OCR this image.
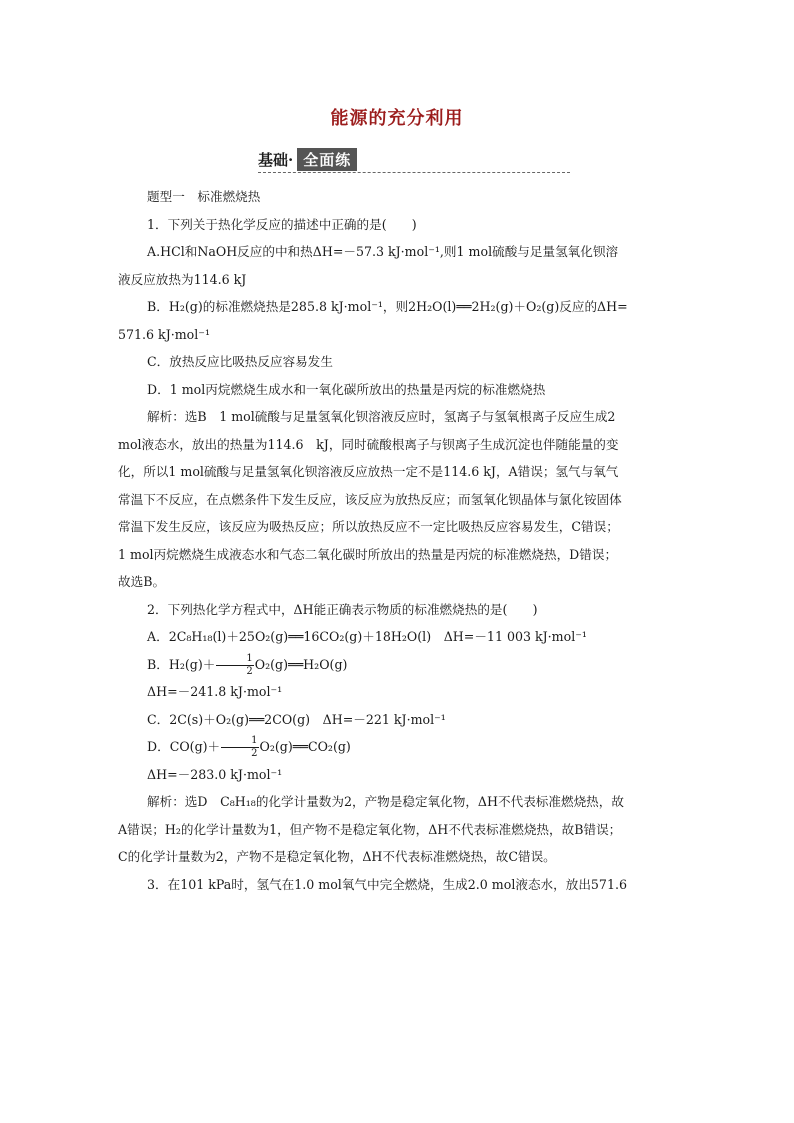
能源的充分利用
基础· 全面练

题型一　标准燃烧热

1．下列关于热化学反应的描述中正确的是(　　)

A.HCl和NaOH反应的中和热ΔH=－57.3 kJ·mol⁻¹,则1 mol硫酸与足量氢氧化钡溶

液反应放热为114.6 kJ

B．H₂(g)的标准燃烧热是285.8 kJ·mol⁻¹，则2H₂O(l)══2H₂(g)＋O₂(g)反应的ΔH=

571.6 kJ·mol⁻¹

C．放热反应比吸热反应容易发生

D．1 mol丙烷燃烧生成水和一氧化碳所放出的热量是丙烷的标准燃烧热

解析：选B　1 mol硫酸与足量氢氧化钡溶液反应时，氢离子与氢氧根离子反应生成2

mol液态水，放出的热量为114.6　kJ，同时硫酸根离子与钡离子生成沉淀也伴随能量的变

化，所以1 mol硫酸与足量氢氧化钡溶液反应放热一定不是114.6 kJ，A错误；氢气与氧气

常温下不反应，在点燃条件下发生反应，该反应为放热反应；而氢氧化钡晶体与氯化铵固体

常温下发生反应，该反应为吸热反应；所以放热反应不一定比吸热反应容易发生，C错误；

1 mol丙烷燃烧生成液态水和气态二氧化碳时所放出的热量是丙烷的标准燃烧热，D错误；

故选B。

2．下列热化学方程式中，ΔH能正确表示物质的标准燃烧热的是(　　)

A．2C₈H₁₈(l)＋25O₂(g)══16CO₂(g)＋18H₂O(l)　ΔH=－11 003 kJ·mol⁻¹

B．$H_2(g)+ \frac{1}{2}$ O₂(g)══H₂O(g)

ΔH=－241.8 kJ·mol⁻¹

C．2C(s)＋O₂(g)══2CO(g)　ΔH=－221 kJ·mol⁻¹

D．$CO(g)+ \frac{1}{2}$ O₂(g)══CO₂(g)

ΔH=－283.0 kJ·mol⁻¹

解析：选D　C₈H₁₈的化学计量数为2，产物是稳定氧化物，ΔH不代表标准燃烧热，故

A错误；H₂的化学计量数为1，但产物不是稳定氧化物，ΔH不代表标准燃烧热，故B错误；

C的化学计量数为2，产物不是稳定氧化物，ΔH不代表标准燃烧热，故C错误。

3．在101 kPa时，氢气在1.0 mol氧气中完全燃烧，生成2.0 mol液态水，放出571.6
